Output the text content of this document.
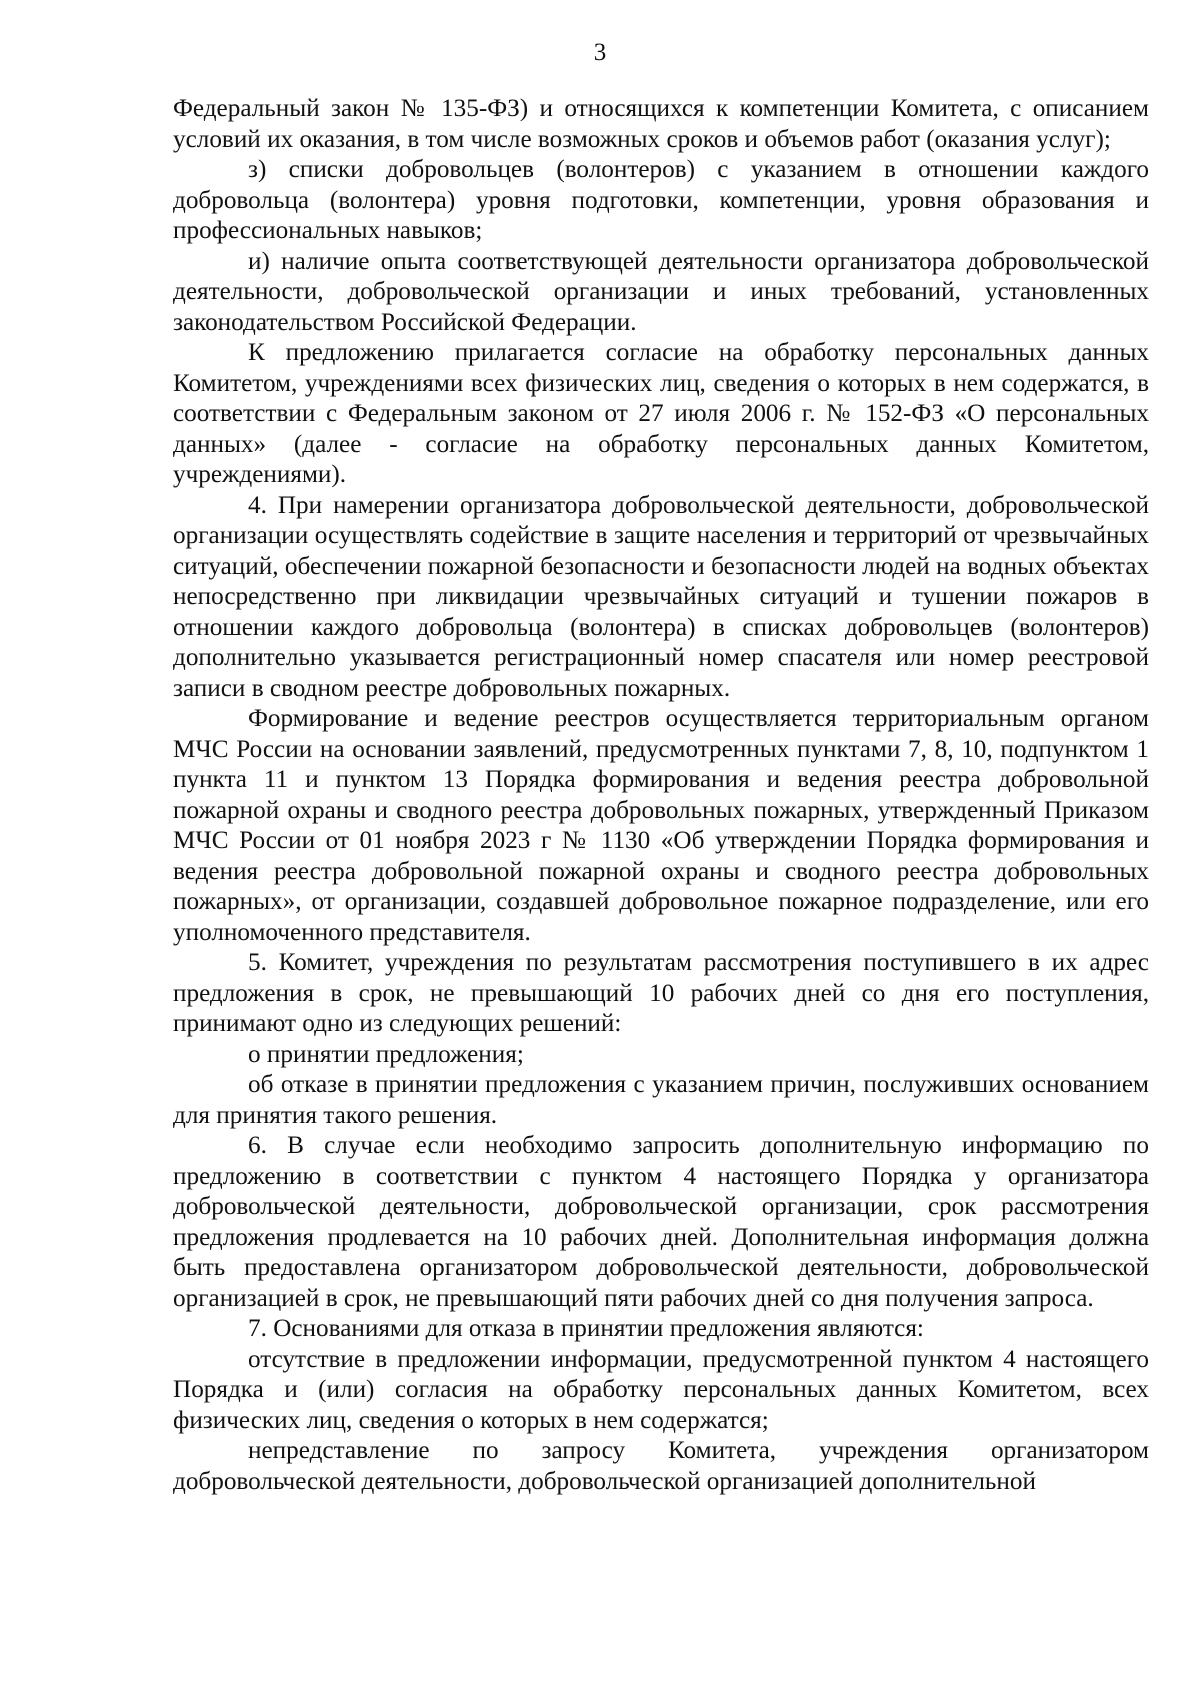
3

Федеральный закон № 135-ФЗ) и относящихся к компетенции Комитета, с описанием условий их оказания, в том числе возможных сроков и объемов работ (оказания услуг);

з) списки добровольцев (волонтеров) с указанием в отношении каждого добровольца (волонтера) уровня подготовки, компетенции, уровня образования и профессиональных навыков;

и) наличие опыта соответствующей деятельности организатора добровольческой деятельности, добровольческой организации и иных требований, установленных законодательством Российской Федерации.

К предложению прилагается согласие на обработку персональных данных Комитетом, учреждениями всех физических лиц, сведения о которых в нем содержатся, в соответствии с Федеральным законом от 27 июля 2006 г. № 152-ФЗ «О персональных данных» (далее - согласие на обработку персональных данных Комитетом, учреждениями).

4. При намерении организатора добровольческой деятельности, добровольческой организации осуществлять содействие в защите населения и территорий от чрезвычайных ситуаций, обеспечении пожарной безопасности и безопасности людей на водных объектах непосредственно при ликвидации чрезвычайных ситуаций и тушении пожаров в отношении каждого добровольца (волонтера) в списках добровольцев (волонтеров) дополнительно указывается регистрационный номер спасателя или номер реестровой записи в сводном реестре добровольных пожарных.

Формирование и ведение реестров осуществляется территориальным органом МЧС России на основании заявлений, предусмотренных пунктами 7, 8, 10, подпунктом 1 пункта 11 и пунктом 13 Порядка формирования и ведения реестра добровольной пожарной охраны и сводного реестра добровольных пожарных, утвержденный Приказом МЧС России от 01 ноября 2023 г № 1130 «Об утверждении Порядка формирования и ведения реестра добровольной пожарной охраны и сводного реестра добровольных пожарных», от организации, создавшей добровольное пожарное подразделение, или его уполномоченного представителя.

5. Комитет, учреждения по результатам рассмотрения поступившего в их адрес предложения в срок, не превышающий 10 рабочих дней со дня его поступления, принимают одно из следующих решений:

о принятии предложения;

об отказе в принятии предложения с указанием причин, послуживших основанием для принятия такого решения.

6. В случае если необходимо запросить дополнительную информацию по предложению в соответствии с пунктом 4 настоящего Порядка у организатора добровольческой деятельности, добровольческой организации, срок рассмотрения предложения продлевается на 10 рабочих дней. Дополнительная информация должна быть предоставлена организатором добровольческой деятельности, добровольческой организацией в срок, не превышающий пяти рабочих дней со дня получения запроса.

7. Основаниями для отказа в принятии предложения являются:

отсутствие в предложении информации, предусмотренной пунктом 4 настоящего Порядка и (или) согласия на обработку персональных данных Комитетом, всех физических лиц, сведения о которых в нем содержатся;

непредставление по запросу Комитета, учреждения организатором добровольческой деятельности, добровольческой организацией дополнительной
